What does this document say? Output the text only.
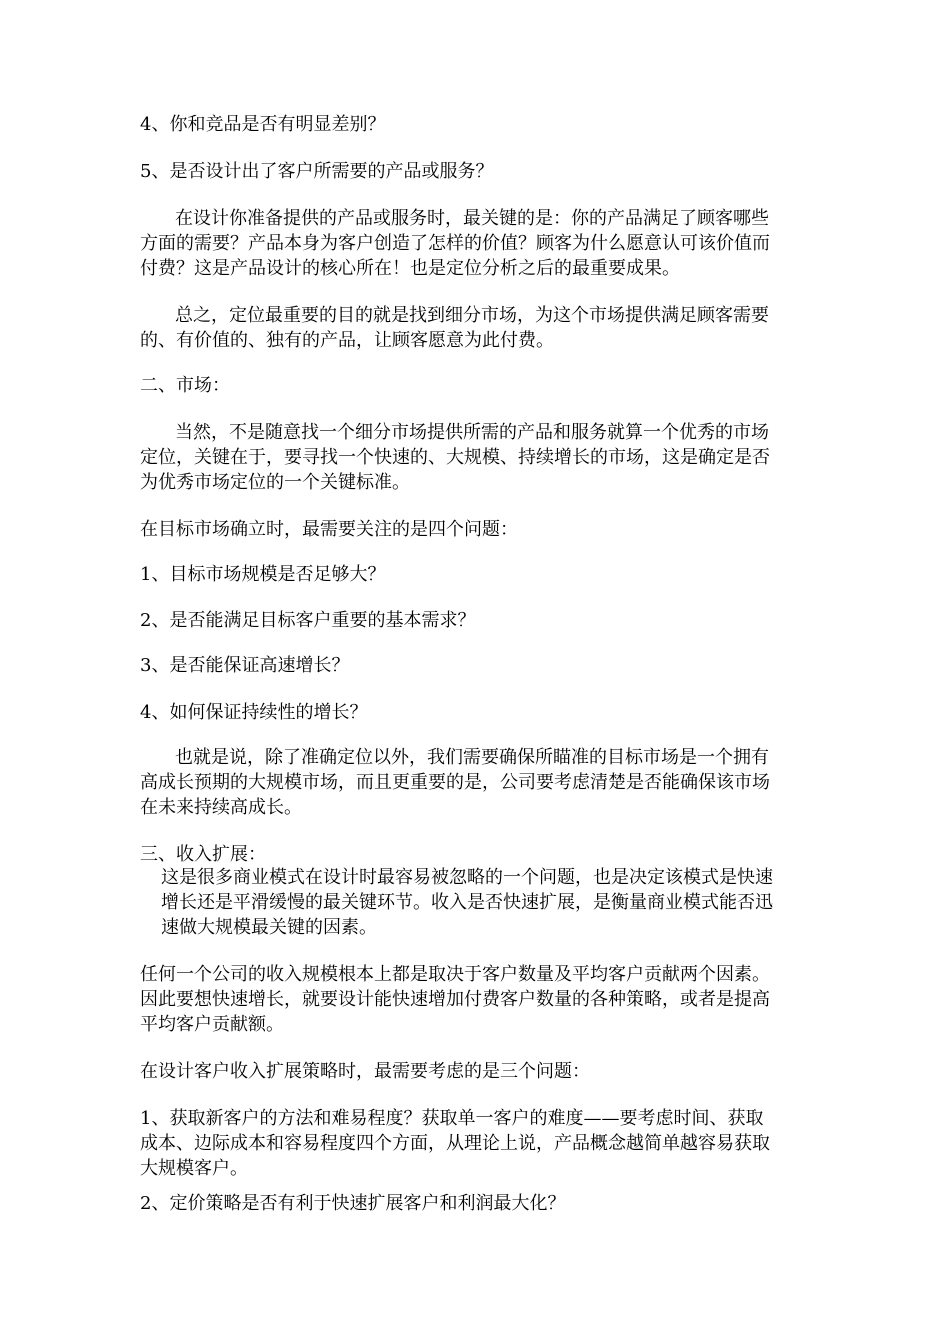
4、你和竞品是否有明显差别？

5、是否设计出了客户所需要的产品或服务？

在设计你准备提供的产品或服务时，最关键的是：你的产品满足了顾客哪些

方面的需要？产品本身为客户创造了怎样的价值？顾客为什么愿意认可该价值而

付费？这是产品设计的核心所在！也是定位分析之后的最重要成果。

总之，定位最重要的目的就是找到细分市场，为这个市场提供满足顾客需要

的、有价值的、独有的产品，让顾客愿意为此付费。

二、市场：

当然，不是随意找一个细分市场提供所需的产品和服务就算一个优秀的市场

定位，关键在于，要寻找一个快速的、大规模、持续增长的市场，这是确定是否

为优秀市场定位的一个关键标准。

在目标市场确立时，最需要关注的是四个问题：

1、目标市场规模是否足够大？

2、是否能满足目标客户重要的基本需求？

3、是否能保证高速增长？

4、如何保证持续性的增长？

也就是说，除了准确定位以外，我们需要确保所瞄准的目标市场是一个拥有

高成长预期的大规模市场，而且更重要的是，公司要考虑清楚是否能确保该市场

在未来持续高成长。

三、收入扩展：

这是很多商业模式在设计时最容易被忽略的一个问题，也是决定该模式是快速

增长还是平滑缓慢的最关键环节。收入是否快速扩展，是衡量商业模式能否迅

速做大规模最关键的因素。

任何一个公司的收入规模根本上都是取决于客户数量及平均客户贡献两个因素。

因此要想快速增长，就要设计能快速增加付费客户数量的各种策略，或者是提高

平均客户贡献额。

在设计客户收入扩展策略时，最需要考虑的是三个问题：

1、获取新客户的方法和难易程度？获取单一客户的难度——要考虑时间、获取

成本、边际成本和容易程度四个方面，从理论上说，产品概念越简单越容易获取

大规模客户。

2、定价策略是否有利于快速扩展客户和利润最大化？
